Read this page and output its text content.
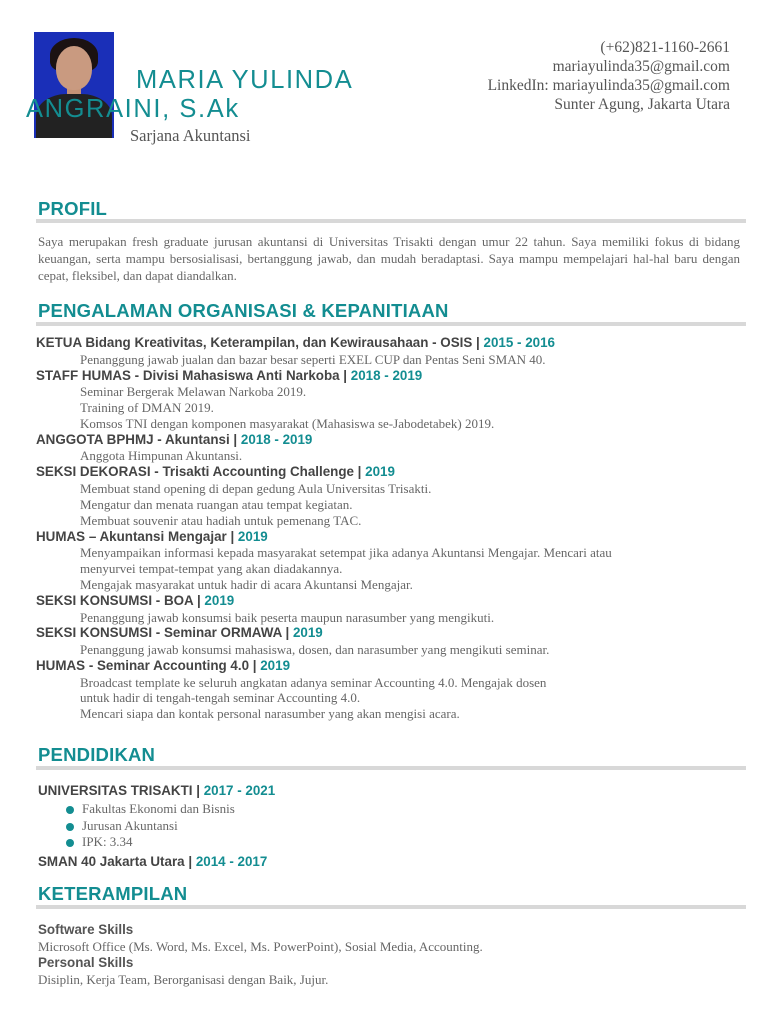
MARIA YULINDA
ANGRAINI, S.Ak
Sarjana Akuntansi
(+62)821-1160-2661
mariayulinda35@gmail.com
LinkedIn: mariayulinda35@gmail.com
Sunter Agung, Jakarta Utara
PROFIL
Saya merupakan fresh graduate jurusan akuntansi di Universitas Trisakti dengan umur 22 tahun. Saya memiliki fokus di bidang keuangan, serta mampu bersosialisasi, bertanggung jawab, dan mudah beradaptasi. Saya mampu mempelajari hal-hal baru dengan cepat, fleksibel, dan dapat diandalkan.
PENGALAMAN ORGANISASI & KEPANITIAAN
KETUA Bidang Kreativitas, Keterampilan, dan Kewirausahaan - OSIS | 2015 - 2016
Penanggung jawab jualan dan bazar besar seperti EXEL CUP dan Pentas Seni SMAN 40.
STAFF HUMAS - Divisi Mahasiswa Anti Narkoba | 2018 - 2019
Seminar Bergerak Melawan Narkoba 2019.
Training of DMAN 2019.
Komsos TNI dengan komponen masyarakat (Mahasiswa se-Jabodetabek) 2019.
ANGGOTA BPHMJ - Akuntansi | 2018 - 2019
Anggota Himpunan Akuntansi.
SEKSI DEKORASI - Trisakti Accounting Challenge | 2019
Membuat stand opening di depan gedung Aula Universitas Trisakti.
Mengatur dan menata ruangan atau tempat kegiatan.
Membuat souvenir atau hadiah untuk pemenang TAC.
HUMAS – Akuntansi Mengajar | 2019
Menyampaikan informasi kepada masyarakat setempat jika adanya Akuntansi Mengajar. Mencari atau
menyurvei tempat-tempat yang akan diadakannya.
Mengajak masyarakat untuk hadir di acara Akuntansi Mengajar.
SEKSI KONSUMSI - BOA | 2019
Penanggung jawab konsumsi baik peserta maupun narasumber yang mengikuti.
SEKSI KONSUMSI - Seminar ORMAWA | 2019
Penanggung jawab konsumsi mahasiswa, dosen, dan narasumber yang mengikuti seminar.
HUMAS - Seminar Accounting 4.0 | 2019
Broadcast template ke seluruh angkatan adanya seminar Accounting 4.0. Mengajak dosen
untuk hadir di tengah-tengah seminar Accounting 4.0.
Mencari siapa dan kontak personal narasumber yang akan mengisi acara.
PENDIDIKAN
UNIVERSITAS TRISAKTI | 2017 - 2021
Fakultas Ekonomi dan Bisnis
Jurusan Akuntansi
IPK: 3.34
SMAN 40 Jakarta Utara | 2014 - 2017
KETERAMPILAN
Software Skills
Microsoft Office (Ms. Word, Ms. Excel, Ms. PowerPoint), Sosial Media, Accounting.
Personal Skills
Disiplin, Kerja Team, Berorganisasi dengan Baik, Jujur.
